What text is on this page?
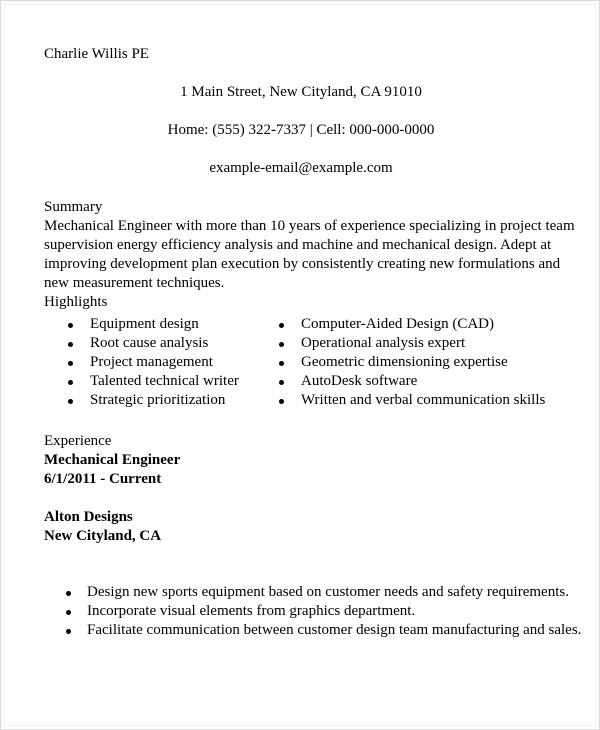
Charlie Willis PE
1 Main Street, New Cityland, CA 91010
Home: (555) 322-7337 | Cell: 000-000-0000
example-email@example.com
Summary
Mechanical Engineer with more than 10 years of experience specializing in project team
supervision energy efficiency analysis and machine and mechanical design. Adept at
improving development plan execution by consistently creating new formulations and
new measurement techniques.
Highlights
Equipment design
Root cause analysis
Project management
Talented technical writer
Strategic prioritization
Computer-Aided Design (CAD)
Operational analysis expert
Geometric dimensioning expertise
AutoDesk software
Written and verbal communication skills
Experience
Mechanical Engineer
6/1/2011 - Current
Alton Designs
New Cityland, CA
Design new sports equipment based on customer needs and safety requirements.
Incorporate visual elements from graphics department.
Facilitate communication between customer design team manufacturing and sales.
